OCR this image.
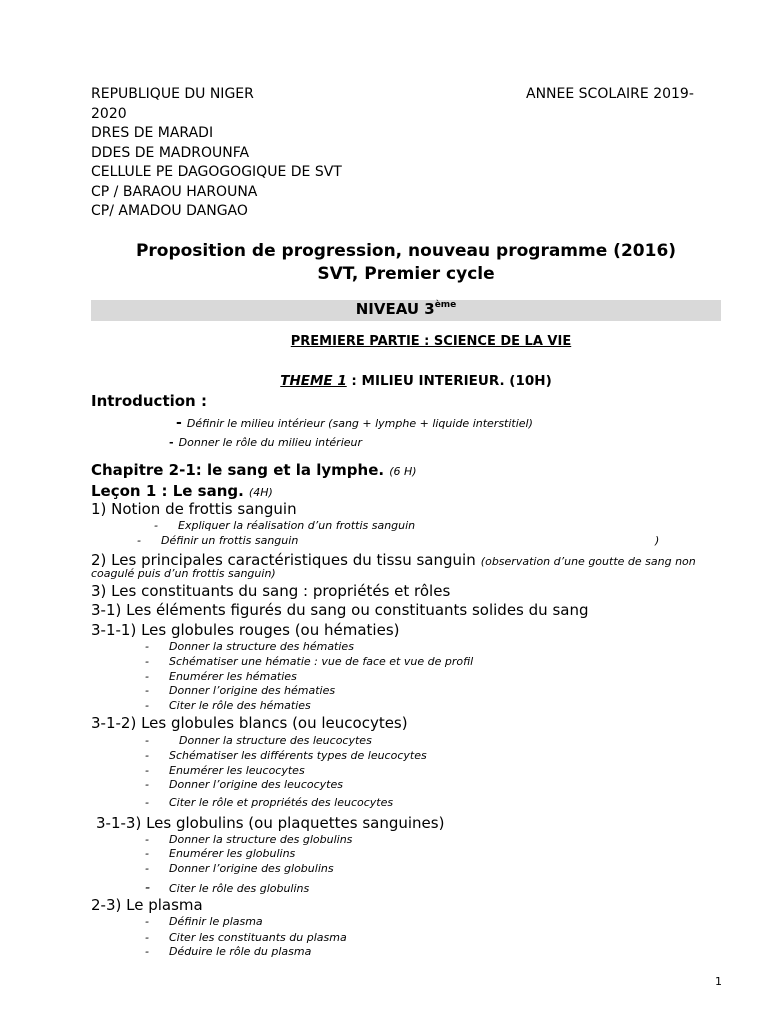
REPUBLIQUE DU NIGER	ANNEE SCOLAIRE 2019-
2020
DRES DE MARADI
DDES DE MADROUNFA
CELLULE PE DAGOGOGIQUE DE SVT
CP / BARAOU HAROUNA
CP/ AMADOU DANGAO
Proposition de progression, nouveau programme (2016)
SVT, Premier cycle
NIVEAU 3ème
PREMIERE PARTIE : SCIENCE DE LA VIE
THEME 1 : MILIEU INTERIEUR. (10H)
Introduction :
- Définir le milieu intérieur (sang + lymphe + liquide interstitiel)
- Donner le rôle du milieu intérieur
Chapitre 2-1: le sang et la lymphe. (6 H)
Leçon 1 : Le sang. (4H)
1) Notion de frottis sanguin
- Expliquer la réalisation d’un frottis sanguin
- Définir un frottis sanguin	)
2) Les principales caractéristiques du tissu sanguin (observation d’une goutte de sang non
coagulé puis d’un frottis sanguin)
3) Les constituants du sang : propriétés et rôles
3-1) Les éléments figurés du sang ou constituants solides du sang
3-1-1) Les globules rouges (ou hématies)
- Donner la structure des hématies
- Schématiser une hématie : vue de face et vue de profil
- Enumérer les hématies
- Donner l’origine des hématies
- Citer le rôle des hématies
3-1-2) Les globules blancs (ou leucocytes)
-	Donner la structure des leucocytes
- Schématiser les différents types de leucocytes
- Enumérer les leucocytes
- Donner l’origine des leucocytes
- Citer le rôle et propriétés des leucocytes
3-1-3) Les globulins (ou plaquettes sanguines)
- Donner la structure des globulins
- Enumérer les globulins
- Donner l’origine des globulins
- Citer le rôle des globulins
2-3) Le plasma
- Définir le plasma
- Citer les constituants du plasma
- Déduire le rôle du plasma
1
